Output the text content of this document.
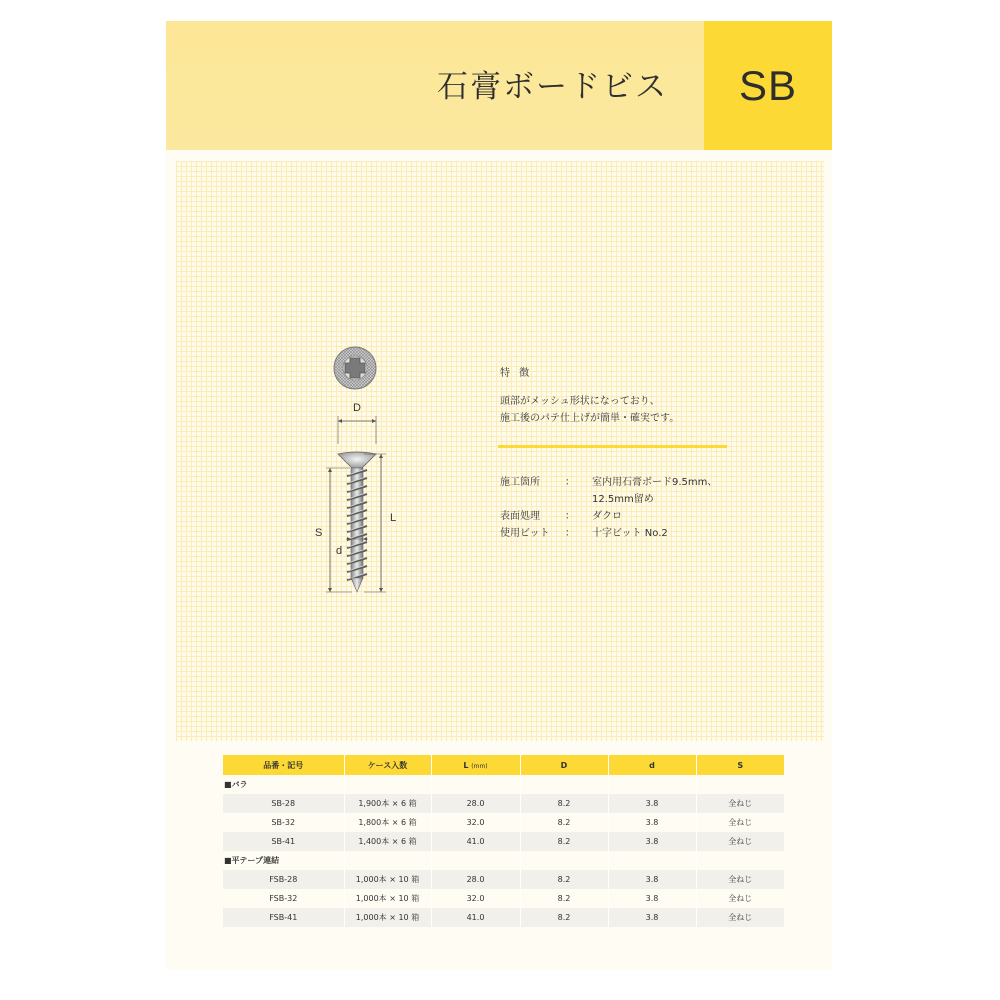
石膏ボードビス	SB
D
L
S
d
特 徴
頭部がメッシュ形状になっており、
施工後のパテ仕上げが簡単・確実です。
施工箇所	：	室内用石膏ボード9.5mm、
12.5mm留め
表面処理	：	ダクロ
使用ビット	：	十字ビット No.2
品番・記号	ケース入数	L (mm)	D	d	S
■バラ					
SB-28	1,900本 × 6 箱	28.0	8.2	3.8	全ねじ
SB-32	1,800本 × 6 箱	32.0	8.2	3.8	全ねじ
SB-41	1,400本 × 6 箱	41.0	8.2	3.8	全ねじ
■平テープ連結					
FSB-28	1,000本 × 10 箱	28.0	8.2	3.8	全ねじ
FSB-32	1,000本 × 10 箱	32.0	8.2	3.8	全ねじ
FSB-41	1,000本 × 10 箱	41.0	8.2	3.8	全ねじ
